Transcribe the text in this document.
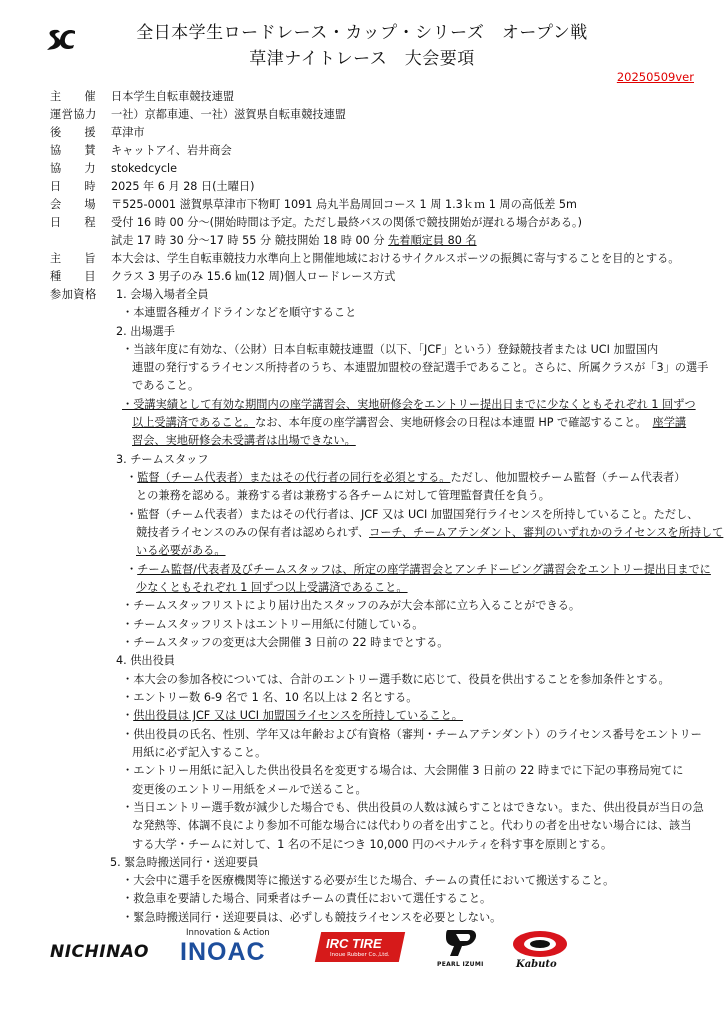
全日本学生ロードレース・カップ・シリーズ　オープン戦
草津ナイトレース　大会要項
20250509ver
主　催 日本学生自転車競技連盟
運営協力 一社）京都車連、一社）滋賀県自転車競技連盟
後　援 草津市
協　賛 キャットアイ、岩井商会
協　力 stokedcycle
日　時 2025 年 6 月 28 日(土曜日)
会　場 〒525-0001 滋賀県草津市下物町 1091 烏丸半島周回コース 1 周 1.3ｋｍ 1 周の高低差 5m
日　程 受付 16 時 00 分～(開始時間は予定。ただし最終バスの関係で競技開始が遅れる場合がある。)
試走 17 時 30 分～17 時 55 分 競技開始 18 時 00 分 先着順定員 80 名
主　旨 本大会は、学生自転車競技力水準向上と開催地域におけるサイクルスポーツの振興に寄与することを目的とする。
種　目 クラス 3 男子のみ 15.6 ㎞(12 周)個人ロードレース方式
参加資格 1. 会場入場者全員
・本連盟各種ガイドラインなどを順守すること
2. 出場選手
・当該年度に有効な、（公財）日本自転車競技連盟（以下、「JCF」という）登録競技者または UCI 加盟国内
連盟の発行するライセンス所持者のうち、本連盟加盟校の登記選手であること。さらに、所属クラスが「3」の選手
であること。
・受講実績として有効な期間内の座学講習会、実地研修会をエントリー提出日までに少なくともそれぞれ 1 回ずつ
以上受講済であること。なお、本年度の座学講習会、実地研修会の日程は本連盟 HP で確認すること。 座学講
習会、実地研修会未受講者は出場できない。
3. チームスタッフ
・監督（チーム代表者）またはその代行者の同行を必須とする。ただし、他加盟校チーム監督（チーム代表者）
との兼務を認める。兼務する者は兼務する各チームに対して管理監督責任を負う。
・監督（チーム代表者）またはその代行者は、JCF 又は UCI 加盟国発行ライセンスを所持していること。ただし、
競技者ライセンスのみの保有者は認められず、コーチ、チームアテンダント、審判のいずれかのライセンスを所持して
いる必要がある。
・チーム監督/代表者及びチームスタッフは、所定の座学講習会とアンチドーピング講習会をエントリー提出日までに
少なくともそれぞれ 1 回ずつ以上受講済であること。
・チームスタッフリストにより届け出たスタッフのみが大会本部に立ち入ることができる。
・チームスタッフリストはエントリー用紙に付随している。
・チームスタッフの変更は大会開催 3 日前の 22 時までとする。
4. 供出役員
・本大会の参加各校については、合計のエントリー選手数に応じて、役員を供出することを参加条件とする。
・エントリー数 6-9 名で 1 名、10 名以上は 2 名とする。
・供出役員は JCF 又は UCI 加盟国ライセンスを所持していること。
・供出役員の氏名、性別、学年又は年齢および有資格（審判・チームアテンダント）のライセンス番号をエントリー
用紙に必ず記入すること。
・エントリー用紙に記入した供出役員名を変更する場合は、大会開催 3 日前の 22 時までに下記の事務局宛てに
変更後のエントリー用紙をメールで送ること。
・当日エントリー選手数が減少した場合でも、供出役員の人数は減らすことはできない。また、供出役員が当日の急
な発熱等、体調不良により参加不可能な場合には代わりの者を出すこと。代わりの者を出せない場合には、該当
する大学・チームに対して、1 名の不足につき 10,000 円のペナルティを科す事を原則とする。
5. 緊急時搬送同行・送迎要員
・大会中に選手を医療機関等に搬送する必要が生じた場合、チームの責任において搬送すること。
・救急車を要請した場合、同乗者はチームの責任において選任すること。
・緊急時搬送同行・送迎要員は、必ずしも競技ライセンスを必要としない。
NICHINAO
Innovation & Action
INOAC	IRC TIRE
Inoue Rubber Co.,Ltd.
PEARL IZUMI	Kabuto
